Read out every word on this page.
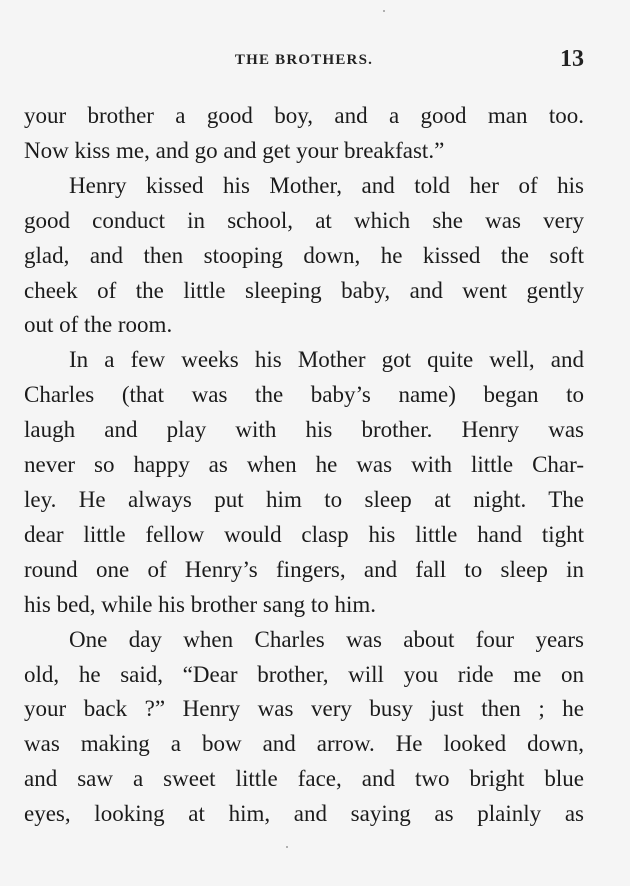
THE BROTHERS.	13

your brother a good boy, and a good man too.
Now kiss me, and go and get your breakfast.”

Henry kissed his Mother, and told her of his
good conduct in school, at which she was very
glad, and then stooping down, he kissed the soft
cheek of the little sleeping baby, and went gently
out of the room.

In a few weeks his Mother got quite well, and
Charles (that was the baby’s name) began to
laugh and play with his brother. Henry was
never so happy as when he was with little Char-
ley. He always put him to sleep at night. The
dear little fellow would clasp his little hand tight
round one of Henry’s fingers, and fall to sleep in
his bed, while his brother sang to him.

One day when Charles was about four years
old, he said, “Dear brother, will you ride me on
your back ?” Henry was very busy just then ; he
was making a bow and arrow. He looked down,
and saw a sweet little face, and two bright blue
eyes, looking at him, and saying as plainly as
